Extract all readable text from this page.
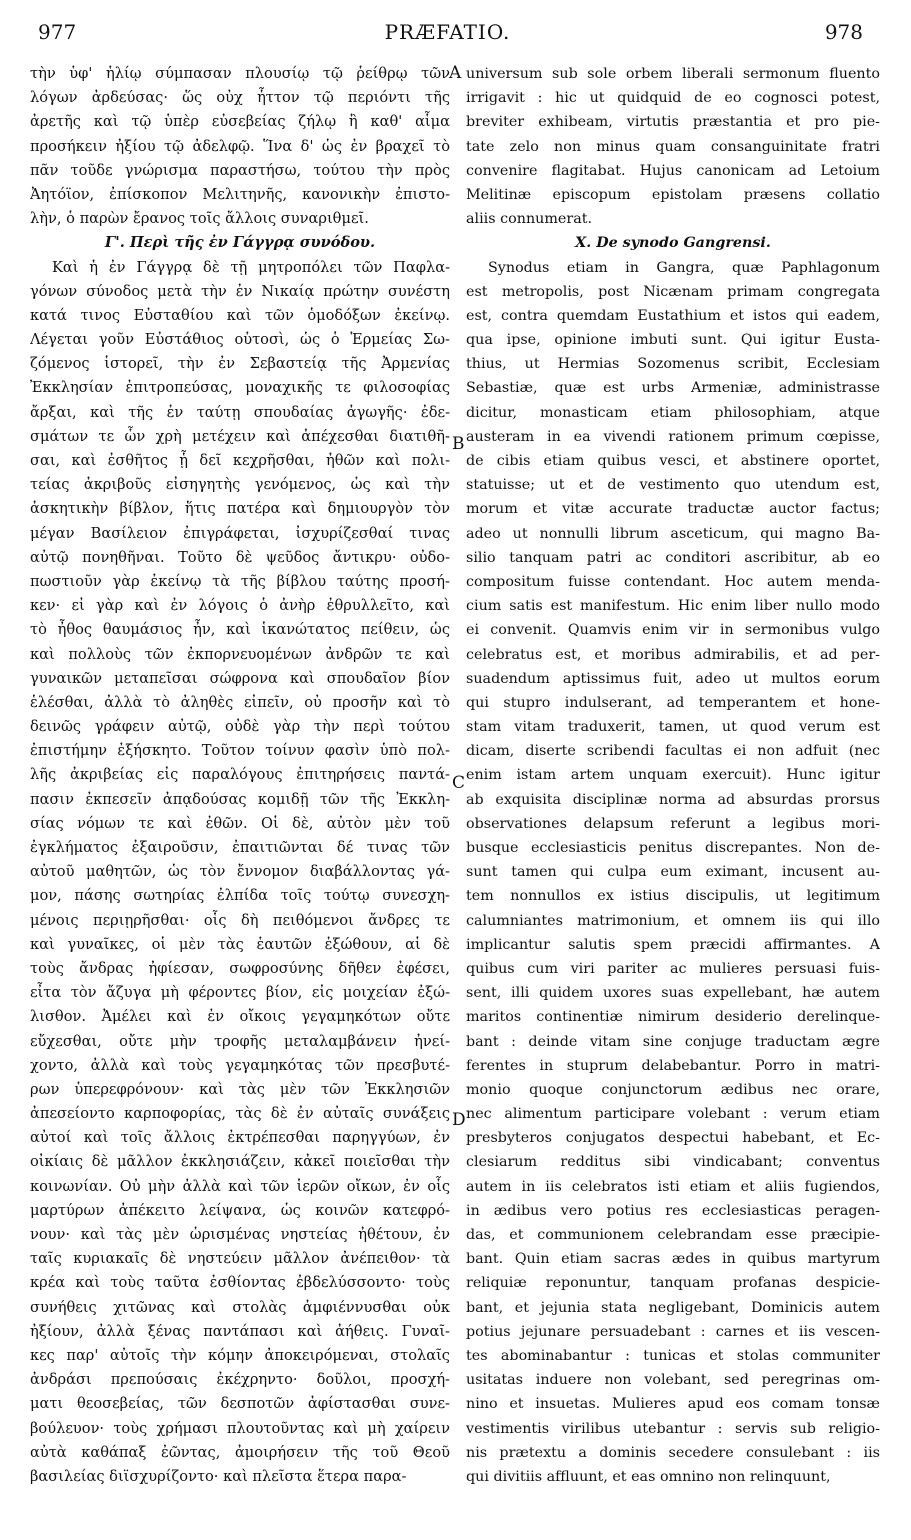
977	PRÆFATIO.	978
τὴν ὑφ' ἡλίῳ σύμπασαν πλουσίῳ τῷ ῥείθρῳ τῶν
λόγων ἀρδεύσας· ὥς οὐχ ἧττον τῷ περιόντι τῆς
ἀρετῆς καὶ τῷ ὑπὲρ εὐσεβείας ζήλῳ ἢ καθ' αἷμα
προσήκειν ἠξίου τῷ ἀδελφῷ. Ἵνα δ' ὡς ἐν βραχεῖ τὸ
πᾶν τοῦδε γνώρισμα παραστήσω, τούτου τὴν πρὸς
Ἀητόϊον, ἐπίσκοπον Μελιτηνῆς, κανονικὴν ἐπιστο-
λὴν, ὁ παρὼν ἔρανος τοῖς ἄλλοις συναριθμεῖ.
Γ'. Περὶ τῆς ἐν Γάγγρᾳ συνόδου.
Καὶ ἡ ἐν Γάγγρᾳ δὲ τῇ μητροπόλει τῶν Παφλα-
γόνων σύνοδος μετὰ τὴν ἐν Νικαίᾳ πρώτην συνέστη
κατά τινος Εὐσταθίου καὶ τῶν ὁμοδόξων ἐκείνῳ.
Λέγεται γοῦν Εὐστάθιος οὑτοσὶ, ὡς ὁ Ἑρμείας Σω-
ζόμενος ἱστορεῖ, τὴν ἐν Σεβαστείᾳ τῆς Ἀρμενίας
Ἐκκλησίαν ἐπιτροπεύσας, μοναχικῆς τε φιλοσοφίας
ἄρξαι, καὶ τῆς ἐν ταύτῃ σπουδαίας ἀγωγῆς· ἐδε-
σμάτων τε ὧν χρὴ μετέχειν καὶ ἀπέχεσθαι διατιθῆ-
σαι, καὶ ἐσθῆτος ᾗ δεῖ κεχρῆσθαι, ἠθῶν καὶ πολι-
τείας ἀκριβοῦς εἰσηγητὴς γενόμενος, ὡς καὶ τὴν
ἀσκητικὴν βίβλον, ἥτις πατέρα καὶ δημιουργὸν τὸν
μέγαν Βασίλειον ἐπιγράφεται, ἰσχυρίζεσθαί τινας
αὐτῷ πονηθῆναι. Τοῦτο δὲ ψεῦδος ἄντικρυ· οὐδο-
πωστιοῦν γὰρ ἐκείνῳ τὰ τῆς βίβλου ταύτης προσή-
κεν· εἰ γὰρ καὶ ἐν λόγοις ὁ ἀνὴρ ἐθρυλλεῖτο, καὶ
τὸ ἦθος θαυμάσιος ἦν, καὶ ἱκανώτατος πείθειν, ὡς
καὶ πολλοὺς τῶν ἐκπορνευομένων ἀνδρῶν τε καὶ
γυναικῶν μεταπεῖσαι σώφρονα καὶ σπουδαῖον βίον
ἑλέσθαι, ἀλλὰ τὸ ἀληθὲς εἰπεῖν, οὐ προσῆν καὶ τὸ
δεινῶς γράφειν αὐτῷ, οὐδὲ γὰρ τὴν περὶ τούτου
ἐπιστήμην ἐξήσκητο. Τοῦτον τοίνυν φασὶν ὑπὸ πολ-
λῆς ἀκριβείας εἰς παραλόγους ἐπιτηρήσεις παντά-
πασιν ἐκπεσεῖν ἀπᾳδούσας κομιδῇ τῶν τῆς Ἐκκλη-
σίας νόμων τε καὶ ἐθῶν. Οἱ δὲ, αὐτὸν μὲν τοῦ
ἐγκλήματος ἐξαιροῦσιν, ἐπαιτιῶνται δέ τινας τῶν
αὐτοῦ μαθητῶν, ὡς τὸν ἔννομον διαβάλλοντας γά-
μον, πάσης σωτηρίας ἐλπίδα τοῖς τούτῳ συνεσχη-
μένοις περιῃρῆσθαι· οἷς δὴ πειθόμενοι ἄνδρες τε
καὶ γυναῖκες, οἱ μὲν τὰς ἑαυτῶν ἐξώθουν, αἱ δὲ
τοὺς ἄνδρας ἠφίεσαν, σωφροσύνης δῆθεν ἐφέσει,
εἶτα τὸν ἄζυγα μὴ φέροντες βίον, εἰς μοιχείαν ἐξώ-
λισθον. Ἀμέλει καὶ ἐν οἴκοις γεγαμηκότων οὔτε
εὔχεσθαι, οὔτε μὴν τροφῆς μεταλαμβάνειν ἠνεί-
χοντο, ἀλλὰ καὶ τοὺς γεγαμηκότας τῶν πρεσβυτέ-
ρων ὑπερεφρόνουν· καὶ τὰς μὲν τῶν Ἐκκλησιῶν
ἀπεσείοντο καρποφορίας, τὰς δὲ ἐν αὐταῖς συνάξεις
αὐτοί καὶ τοῖς ἄλλοις ἐκτρέπεσθαι παρηγγύων, ἐν
οἰκίαις δὲ μᾶλλον ἐκκλησιάζειν, κἀκεῖ ποιεῖσθαι τὴν
κοινωνίαν. Οὐ μὴν ἀλλὰ καὶ τῶν ἱερῶν οἴκων, ἐν οἷς
μαρτύρων ἀπέκειτο λείψανα, ὡς κοινῶν κατεφρό-
νουν· καὶ τὰς μὲν ὡρισμένας νηστείας ἠθέτουν, ἐν
ταῖς κυριακαῖς δὲ νηστεύειν μᾶλλον ἀνέπειθον· τὰ
κρέα καὶ τοὺς ταῦτα ἐσθίοντας ἐβδελύσσοντο· τοὺς
συνήθεις χιτῶνας καὶ στολὰς ἀμφιέννυσθαι οὐκ
ἠξίουν, ἀλλὰ ξένας παντάπασι καὶ ἀήθεις. Γυναῖ-
κες παρ' αὐτοῖς τὴν κόμην ἀποκειρόμεναι, στολαῖς
ἀνδράσι πρεπούσαις ἐκέχρηντο· δοῦλοι, προσχή-
ματι θεοσεβείας, τῶν δεσποτῶν ἀφίστασθαι συνε-
βούλευον· τοὺς χρήμασι πλουτοῦντας καὶ μὴ χαίρειν
αὐτὰ καθάπαξ ἐῶντας, ἀμοιρήσειν τῆς τοῦ Θεοῦ
βασιλείας διϊσχυρίζοντο· καὶ πλεῖστα ἕτερα παρα-
universum sub sole orbem liberali sermonum fluento
irrigavit : hic ut quidquid de eo cognosci potest,
breviter exhibeam, virtutis præstantia et pro pie-
tate zelo non minus quam consanguinitate fratri
convenire flagitabat. Hujus canonicam ad Letoium
Melitinæ episcopum epistolam præsens collatio
aliis connumerat.
X. De synodo Gangrensi.
Synodus etiam in Gangra, quæ Paphlagonum
est metropolis, post Nicænam primam congregata
est, contra quemdam Eustathium et istos qui eadem,
qua ipse, opinione imbuti sunt. Qui igitur Eusta-
thius, ut Hermias Sozomenus scribit, Ecclesiam
Sebastiæ, quæ est urbs Armeniæ, administrasse
dicitur, monasticam etiam philosophiam, atque
austeram in ea vivendi rationem primum cœpisse,
de cibis etiam quibus vesci, et abstinere oportet,
statuisse; ut et de vestimento quo utendum est,
morum et vitæ accurate traductæ auctor factus;
adeo ut nonnulli librum asceticum, qui magno Ba-
silio tanquam patri ac conditori ascribitur, ab eo
compositum fuisse contendant. Hoc autem menda-
cium satis est manifestum. Hic enim liber nullo modo
ei convenit. Quamvis enim vir in sermonibus vulgo
celebratus est, et moribus admirabilis, et ad per-
suadendum aptissimus fuit, adeo ut multos eorum
qui stupro indulserant, ad temperantem et hone-
stam vitam traduxerit, tamen, ut quod verum est
dicam, diserte scribendi facultas ei non adfuit (nec
enim istam artem unquam exercuit). Hunc igitur
ab exquisita disciplinæ norma ad absurdas prorsus
observationes delapsum referunt a legibus mori-
busque ecclesiasticis penitus discrepantes. Non de-
sunt tamen qui culpa eum eximant, incusent au-
tem nonnullos ex istius discipulis, ut legitimum
calumniantes matrimonium, et omnem iis qui illo
implicantur salutis spem præcidi affirmantes. A
quibus cum viri pariter ac mulieres persuasi fuis-
sent, illi quidem uxores suas expellebant, hæ autem
maritos continentiæ nimirum desiderio derelinque-
bant : deinde vitam sine conjuge traductam ægre
ferentes in stuprum delabebantur. Porro in matri-
monio quoque conjunctorum ædibus nec orare,
nec alimentum participare volebant : verum etiam
presbyteros conjugatos despectui habebant, et Ec-
clesiarum redditus sibi vindicabant; conventus
autem in iis celebratos isti etiam et aliis fugiendos,
in ædibus vero potius res ecclesiasticas peragen-
das, et communionem celebrandam esse præcipie-
bant. Quin etiam sacras ædes in quibus martyrum
reliquiæ reponuntur, tanquam profanas despicie-
bant, et jejunia stata negligebant, Dominicis autem
potius jejunare persuadebant : carnes et iis vescen-
tes abominabantur : tunicas et stolas communiter
usitatas induere non volebant, sed peregrinas om-
nino et insuetas. Mulieres apud eos comam tonsæ
vestimentis virilibus utebantur : servis sub religio-
nis prætextu a dominis secedere consulebant : iis
qui divitiis affluunt, et eas omnino non relinquunt,
A
B
C
D
